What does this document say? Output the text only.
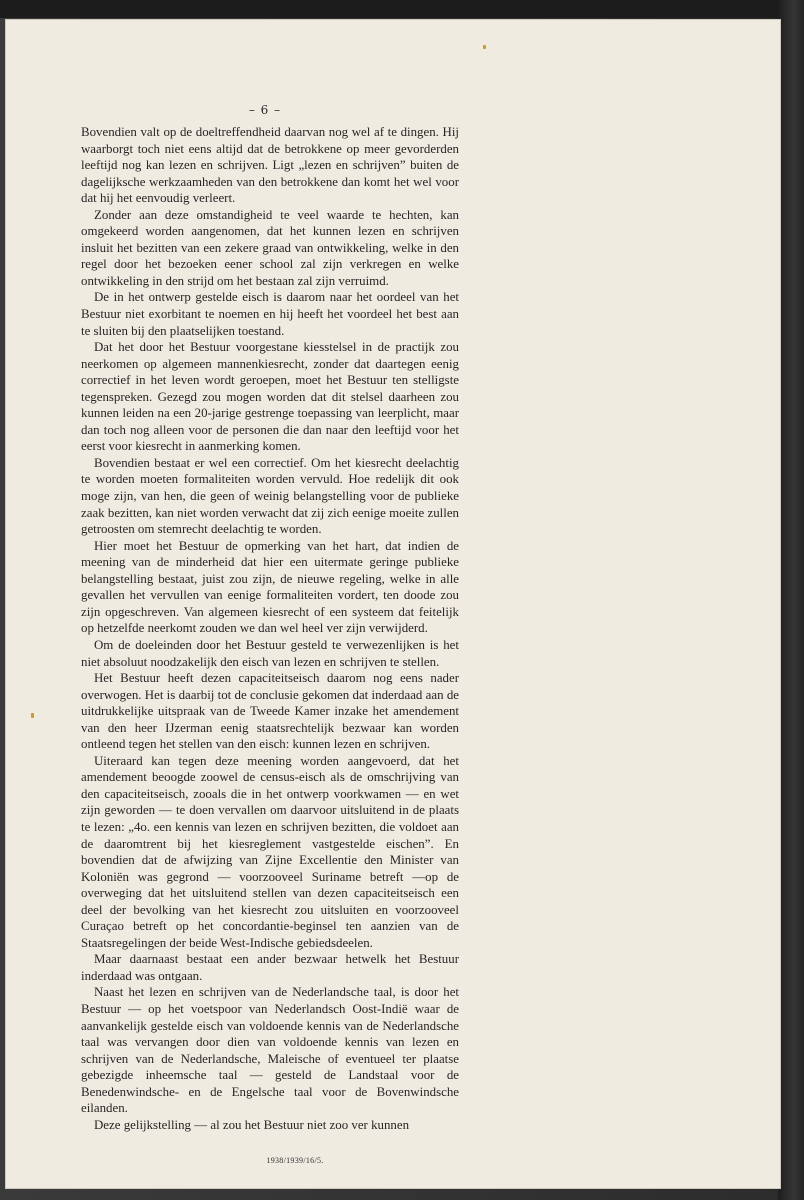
– 6 –

Bovendien valt op de doeltreffendheid daarvan nog wel af te dingen. Hij waarborgt toch niet eens altijd dat de betrokkene op meer gevorderden leeftijd nog kan lezen en schrijven. Ligt „lezen en schrijven” buiten de dagelijksche werkzaamheden van den betrokkene dan komt het wel voor dat hij het eenvoudig verleert.

Zonder aan deze omstandigheid te veel waarde te hechten, kan omgekeerd worden aangenomen, dat het kunnen lezen en schrijven insluit het bezitten van een zekere graad van ontwikkeling, welke in den regel door het bezoeken eener school zal zijn verkregen en welke ontwikkeling in den strijd om het bestaan zal zijn verruimd.

De in het ontwerp gestelde eisch is daarom naar het oordeel van het Bestuur niet exorbitant te noemen en hij heeft het voordeel het best aan te sluiten bij den plaatselijken toestand.

Dat het door het Bestuur voorgestane kiesstelsel in de practijk zou neerkomen op algemeen mannenkiesrecht, zonder dat daartegen eenig correctief in het leven wordt geroepen, moet het Bestuur ten stelligste tegenspreken. Gezegd zou mogen worden dat dit stelsel daarheen zou kunnen leiden na een 20-jarige gestrenge toepassing van leerplicht, maar dan toch nog alleen voor de personen die dan naar den leeftijd voor het eerst voor kiesrecht in aanmerking komen.

Bovendien bestaat er wel een correctief. Om het kiesrecht deelachtig te worden moeten formaliteiten worden vervuld. Hoe redelijk dit ook moge zijn, van hen, die geen of weinig belangstelling voor de publieke zaak bezitten, kan niet worden verwacht dat zij zich eenige moeite zullen getroosten om stemrecht deelachtig te worden.

Hier moet het Bestuur de opmerking van het hart, dat indien de meening van de minderheid dat hier een uitermate geringe publieke belangstelling bestaat, juist zou zijn, de nieuwe regeling, welke in alle gevallen het vervullen van eenige formaliteiten vordert, ten doode zou zijn opgeschreven. Van algemeen kiesrecht of een systeem dat feitelijk op hetzelfde neerkomt zouden we dan wel heel ver zijn verwijderd.

Om de doeleinden door het Bestuur gesteld te verwezenlijken is het niet absoluut noodzakelijk den eisch van lezen en schrijven te stellen.

Het Bestuur heeft dezen capaciteitseisch daarom nog eens nader overwogen. Het is daarbij tot de conclusie gekomen dat inderdaad aan de uitdrukkelijke uitspraak van de Tweede Kamer inzake het amendement van den heer IJzerman eenig staatsrechtelijk bezwaar kan worden ontleend tegen het stellen van den eisch: kunnen lezen en schrijven.

Uiteraard kan tegen deze meening worden aangevoerd, dat het amendement beoogde zoowel de census-eisch als de omschrijving van den capaciteitseisch, zooals die in het ontwerp voorkwamen — en wet zijn geworden — te doen vervallen om daarvoor uitsluitend in de plaats te lezen: „4o. een kennis van lezen en schrijven bezitten, die voldoet aan de daaromtrent bij het kiesreglement vastgestelde eischen”. En bovendien dat de afwijzing van Zijne Excellentie den Minister van Koloniën was gegrond — voorzooveel Suriname betreft —op de overweging dat het uitsluitend stellen van dezen capaciteitseisch een deel der bevolking van het kiesrecht zou uitsluiten en voorzooveel Curaçao betreft op het concordantie-beginsel ten aanzien van de Staatsregelingen der beide West-Indische gebiedsdeelen.

Maar daarnaast bestaat een ander bezwaar hetwelk het Bestuur inderdaad was ontgaan.

Naast het lezen en schrijven van de Nederlandsche taal, is door het Bestuur — op het voetspoor van Nederlandsch Oost-Indië waar de aanvankelijk gestelde eisch van voldoende kennis van de Nederlandsche taal was vervangen door dien van voldoende kennis van lezen en schrijven van de Nederlandsche, Maleische of eventueel ter plaatse gebezigde inheemsche taal — gesteld de Landstaal voor de Benedenwindsche- en de Engelsche taal voor de Bovenwindsche eilanden.

Deze gelijkstelling — al zou het Bestuur niet zoo ver kunnen

1938/1939/16/5.
